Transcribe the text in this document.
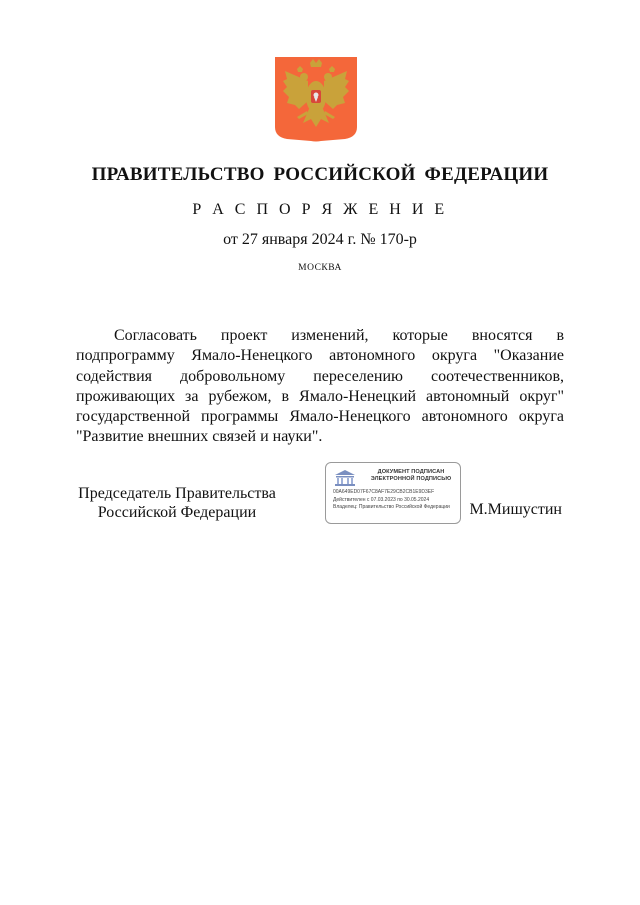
ПРАВИТЕЛЬСТВО РОССИЙСКОЙ ФЕДЕРАЦИИ
Р А С П О Р Я Ж Е Н И Е
от 27 января 2024 г. № 170-р
МОСКВА

Согласовать проект изменений, которые вносятся в подпрограмму Ямало-Ненецкого автономного округа "Оказание содействия добровольному переселению соотечественников, проживающих за рубежом, в Ямало-Ненецкий автономный округ" государственной программы Ямало-Ненецкого автономного округа "Развитие внешних связей и науки".

Председатель Правительства
Российской Федерации
ДОКУМЕНТ ПОДПИСАН
ЭЛЕКТРОННОЙ ПОДПИСЬЮ
00A649ED07F67C8AF7E29CB2CB1E9D3EF
Действителен с 07.03.2023 по 30.05.2024
Владелец: Правительство Российской Федерации	М.Мишустин
